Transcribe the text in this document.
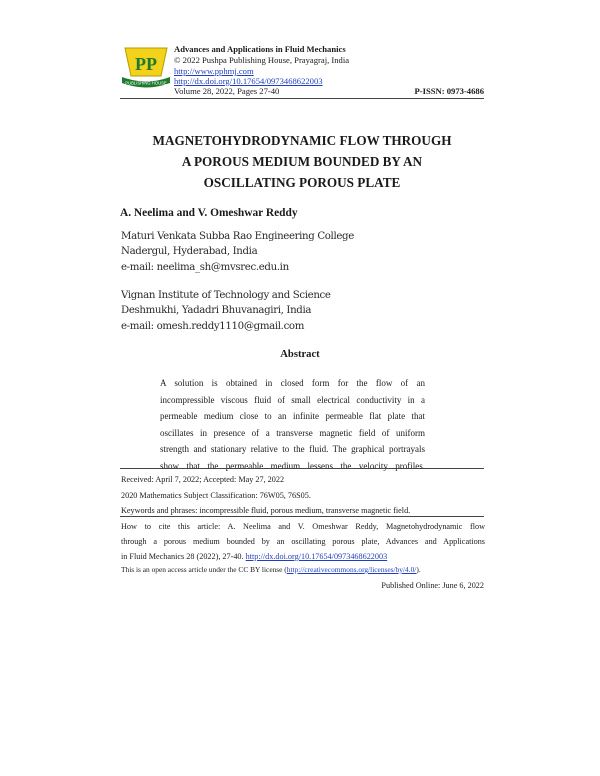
PP
PUBLISHING HOUSE
Advances and Applications in Fluid Mechanics
© 2022 Pushpa Publishing House, Prayagraj, India
http://www.pphmj.com
http://dx.doi.org/10.17654/0973468622003
Volume 28, 2022, Pages 27-40	P-ISSN: 0973-4686
MAGNETOHYDRODYNAMIC FLOW THROUGH
A POROUS MEDIUM BOUNDED BY AN
OSCILLATING POROUS PLATE
A. Neelima and V. Omeshwar Reddy
Maturi Venkata Subba Rao Engineering College
Nadergul, Hyderabad, India
e-mail: neelima_sh@mvsrec.edu.in
Vignan Institute of Technology and Science
Deshmukhi, Yadadri Bhuvanagiri, India
e-mail: omesh.reddy1110@gmail.com
Abstract
A solution is obtained in closed form for the flow of an
incompressible viscous fluid of small electrical conductivity in a
permeable medium close to an infinite permeable flat plate that
oscillates in presence of a transverse magnetic field of uniform
strength and stationary relative to the fluid. The graphical portrayals
show that the permeable medium lessens the velocity profiles.
Received: April 7, 2022; Accepted: May 27, 2022
2020 Mathematics Subject Classification: 76W05, 76S05.
Keywords and phrases: incompressible fluid, porous medium, transverse magnetic field.
How to cite this article: A. Neelima and V. Omeshwar Reddy, Magnetohydrodynamic flow
through a porous medium bounded by an oscillating porous plate, Advances and Applications
in Fluid Mechanics 28 (2022), 27-40. http://dx.doi.org/10.17654/0973468622003
This is an open access article under the CC BY license (http://creativecommons.org/licenses/by/4.0/).
Published Online: June 6, 2022
